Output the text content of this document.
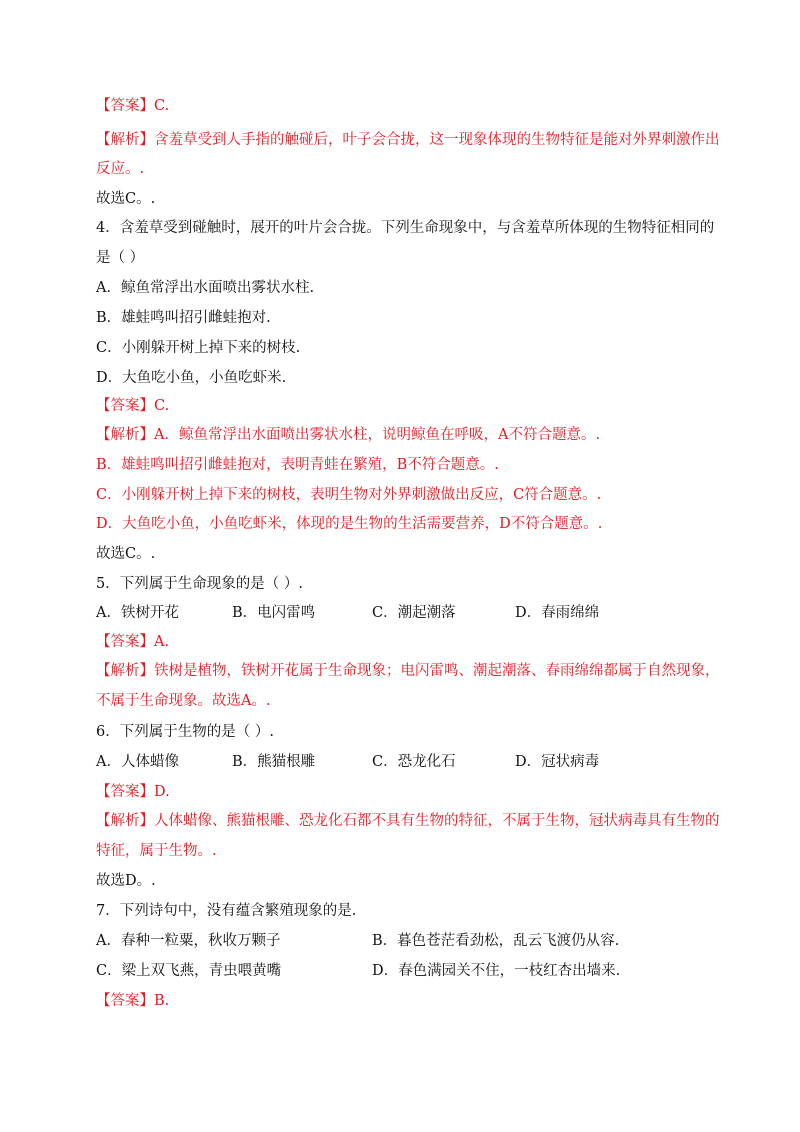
【答案】C.
【解析】含羞草受到人手指的触碰后，叶子会合拢，这一现象体现的生物特征是能对外界刺激作出
反应。.
故选C。.
4．含羞草受到碰触时，展开的叶片会合拢。下列生命现象中，与含羞草所体现的生物特征相同的
是（ ）
A．鲸鱼常浮出水面喷出雾状水柱.
B．雄蛙鸣叫招引雌蛙抱对.
C．小刚躲开树上掉下来的树枝.
D．大鱼吃小鱼，小鱼吃虾米.
【答案】C.
【解析】A．鲸鱼常浮出水面喷出雾状水柱，说明鲸鱼在呼吸，A不符合题意。.
B．雄蛙鸣叫招引雌蛙抱对，表明青蛙在繁殖，B不符合题意。.
C．小刚躲开树上掉下来的树枝，表明生物对外界刺激做出反应，C符合题意。.
D．大鱼吃小鱼，小鱼吃虾米，体现的是生物的生活需要营养，D不符合题意。.
故选C。.
5．下列属于生命现象的是（ ）.
A．铁树开花	B．电闪雷鸣	C．潮起潮落	D．春雨绵绵
【答案】A.
【解析】铁树是植物，铁树开花属于生命现象；电闪雷鸣、潮起潮落、春雨绵绵都属于自然现象，
不属于生命现象。故选A。.
6．下列属于生物的是（ ）.
A．人体蜡像	B．熊猫根雕	C．恐龙化石	D．冠状病毒
【答案】D.
【解析】人体蜡像、熊猫根雕、恐龙化石都不具有生物的特征，不属于生物，冠状病毒具有生物的
特征，属于生物。.
故选D。.
7．下列诗句中，没有蕴含繁殖现象的是.
A．春种一粒粟，秋收万颗子	B．暮色苍茫看劲松，乱云飞渡仍从容.
C．梁上双飞燕，青虫喂黄嘴	D．春色满园关不住，一枝红杏出墙来.
【答案】B.
